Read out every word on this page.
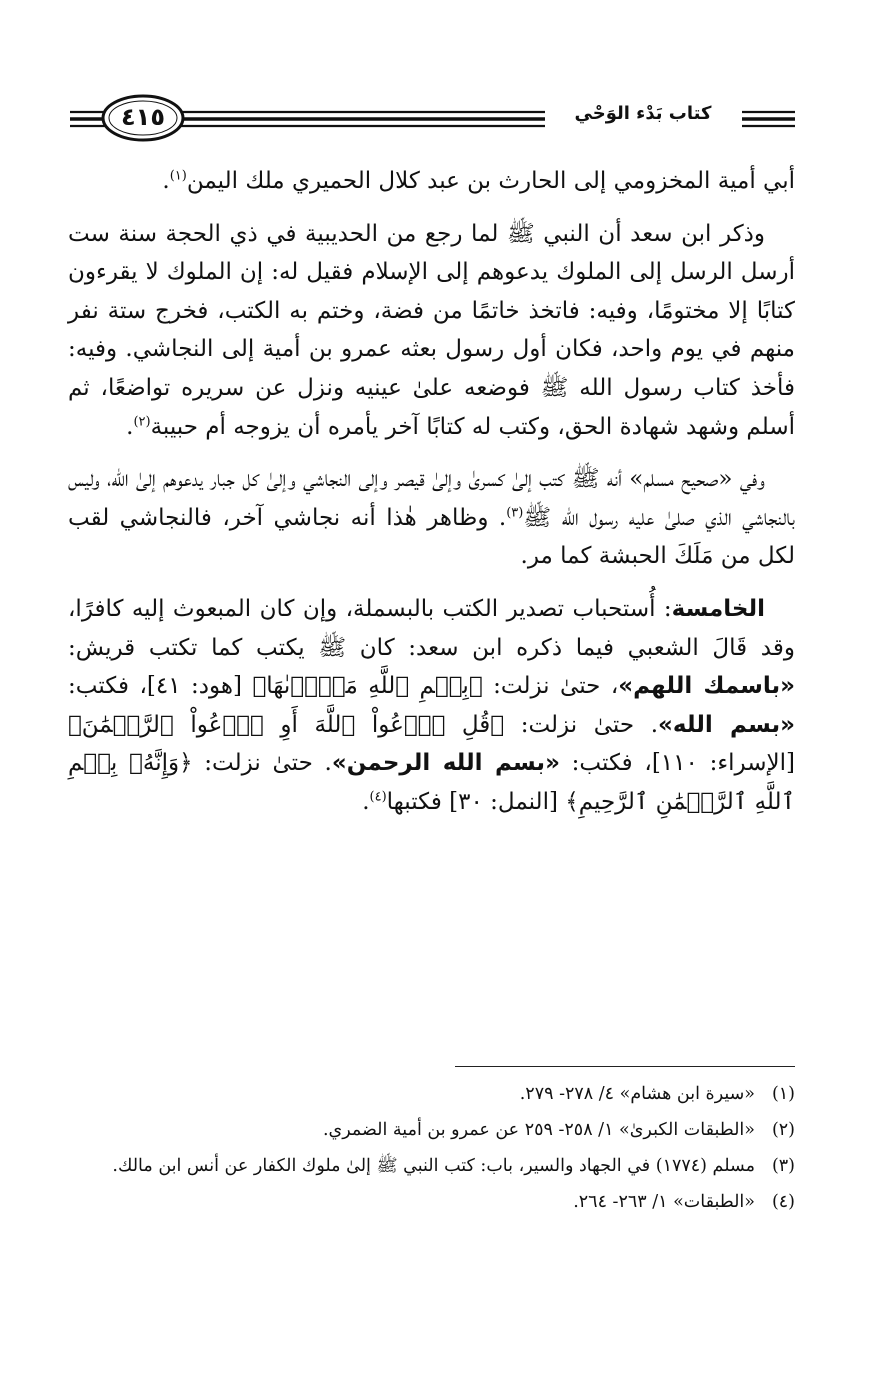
٤١٥	كتاب بَدْء الوَحْي

أبي أمية المخزومي إلى الحارث بن عبد كلال الحميري ملك اليمن$^{(١)}$.

وذكر ابن سعد أن النبي ﷺ لما رجع من الحديبية في ذي الحجة سنة ست أرسل الرسل إلى الملوك يدعوهم إلى الإسلام فقيل له: إن الملوك لا يقرءون كتابًا إلا مختومًا، وفيه: فاتخذ خاتمًا من فضة، وختم به الكتب، فخرج ستة نفر منهم في يوم واحد، فكان أول رسول بعثه عمرو بن أمية إلى النجاشي. وفيه: فأخذ كتاب رسول الله ﷺ فوضعه علىٰ عينيه ونزل عن سريره تواضعًا، ثم أسلم وشهد شهادة الحق، وكتب له كتابًا آخر يأمره أن يزوجه أم حبيبة$^{(٢)}$.

وفي «صحيح مسلم» أنه ﷺ كتب إلىٰ كسرىٰ وإلىٰ قيصر وإلى النجاشي وإلىٰ كل جبار يدعوهم إلىٰ الله، وليس بالنجاشي الذي صلىٰ عليه رسول الله ﷺ$^{(٣)}$. وظاهر هٰذا أنه نجاشي آخر، فالنجاشي لقب لكل من مَلَكَ الحبشة كما مر.

الخامسة: أُستحباب تصدير الكتب بالبسملة، وإن كان المبعوث إليه كافرًا، وقد قَالَ الشعبي فيما ذكره ابن سعد: كان ﷺ يكتب كما تكتب قريش: «باسمك اللهم»، حتىٰ نزلت: ﴿بِسۡمِ ٱللَّهِ مَجۡرٜىٰهَا﴾ [هود: ٤١]، فكتب: «بسم الله». حتىٰ نزلت: ﴿قُلِ ٱدۡعُواْ ٱللَّهَ أَوِ ٱدۡعُواْ ٱلرَّحۡمَٰنَ﴾ [الإسراء: ١١٠]، فكتب: «بسم الله الرحمن». حتىٰ نزلت: ﴿وَإِنَّهُۥ بِسۡمِ ٱللَّهِ ٱلرَّحۡمَٰنِ ٱلرَّحِيمِ﴾ [النمل: ٣٠] فكتبها$^{(٤)}$.

(١)
«سيرة ابن هشام» ٤/ ٢٧٨- ٢٧٩.
(٢)
«الطبقات الكبرىٰ» ١/ ٢٥٨- ٢٥٩ عن عمرو بن أمية الضمري.
(٣)
مسلم (١٧٧٤) في الجهاد والسير، باب: كتب النبي ﷺ إلىٰ ملوك الكفار عن أنس ابن مالك.
(٤)
«الطبقات» ١/ ٢٦٣- ٢٦٤.
